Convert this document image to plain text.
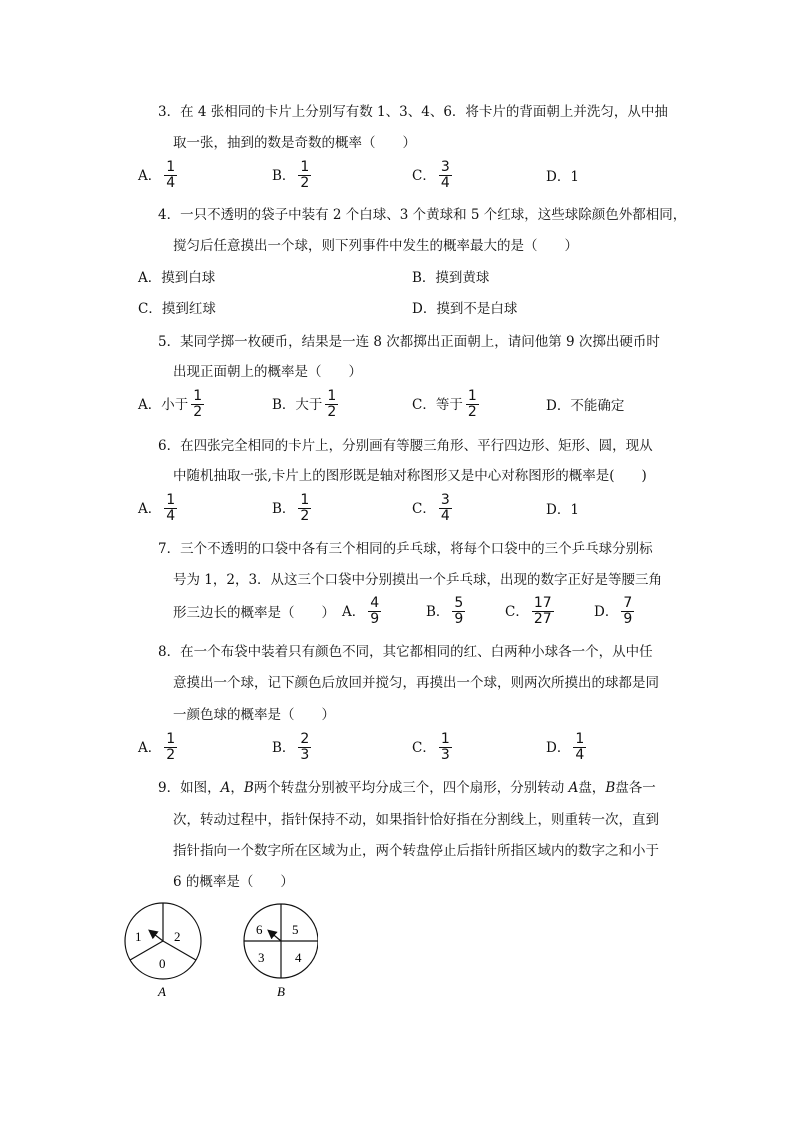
3．在 4 张相同的卡片上分别写有数 1、3、4、6．将卡片的背面朝上并洗匀，从中抽
取一张，抽到的数是奇数的概率（　　）
A． $\frac{1}{4}$	B． $\frac{1}{2}$	C． $\frac{3}{4}$	D． 1
4．一只不透明的袋子中装有 2 个白球、3 个黄球和 5 个红球，这些球除颜色外都相同，
搅匀后任意摸出一个球，则下列事件中发生的概率最大的是（　　）
A．摸到白球	B．摸到黄球
C．摸到红球	D．摸到不是白球
5．某同学掷一枚硬币，结果是一连 8 次都掷出正面朝上，请问他第 9 次掷出硬币时
出现正面朝上的概率是（　　）
A．小于 $\frac{1}{2}$	B．大于 $\frac{1}{2}$	C．等于 $\frac{1}{2}$	D．不能确定
6．在四张完全相同的卡片上，分别画有等腰三角形、平行四边形、矩形、圆，现从
中随机抽取一张,卡片上的图形既是轴对称图形又是中心对称图形的概率是(　　)
A． $\frac{1}{4}$	B． $\frac{1}{2}$	C． $\frac{3}{4}$	D．1
7．三个不透明的口袋中各有三个相同的乒乓球，将每个口袋中的三个乒乓球分别标
号为 1，2，3．从这三个口袋中分别摸出一个乒乓球，出现的数字正好是等腰三角
形三边长的概率是（　　） A． $\frac{4}{9}$	B． $\frac{5}{9}$	C． $\frac{17}{27}$	D． $\frac{7}{9}$
8．在一个布袋中装着只有颜色不同，其它都相同的红、白两种小球各一个，从中任
意摸出一个球，记下颜色后放回并搅匀，再摸出一个球，则两次所摸出的球都是同
一颜色球的概率是（　　）
A． $\frac{1}{2}$	B． $\frac{2}{3}$	C． $\frac{1}{3}$	D． $\frac{1}{4}$
9．如图，A，B两个转盘分别被平均分成三个，四个扇形，分别转动 A盘，B盘各一
次，转动过程中，指针保持不动，如果指针恰好指在分割线上，则重转一次，直到
指针指向一个数字所在区域为止，两个转盘停止后指针所指区域内的数字之和小于
6 的概率是（　　）
1	2
0
A
6 5
3 4
B
